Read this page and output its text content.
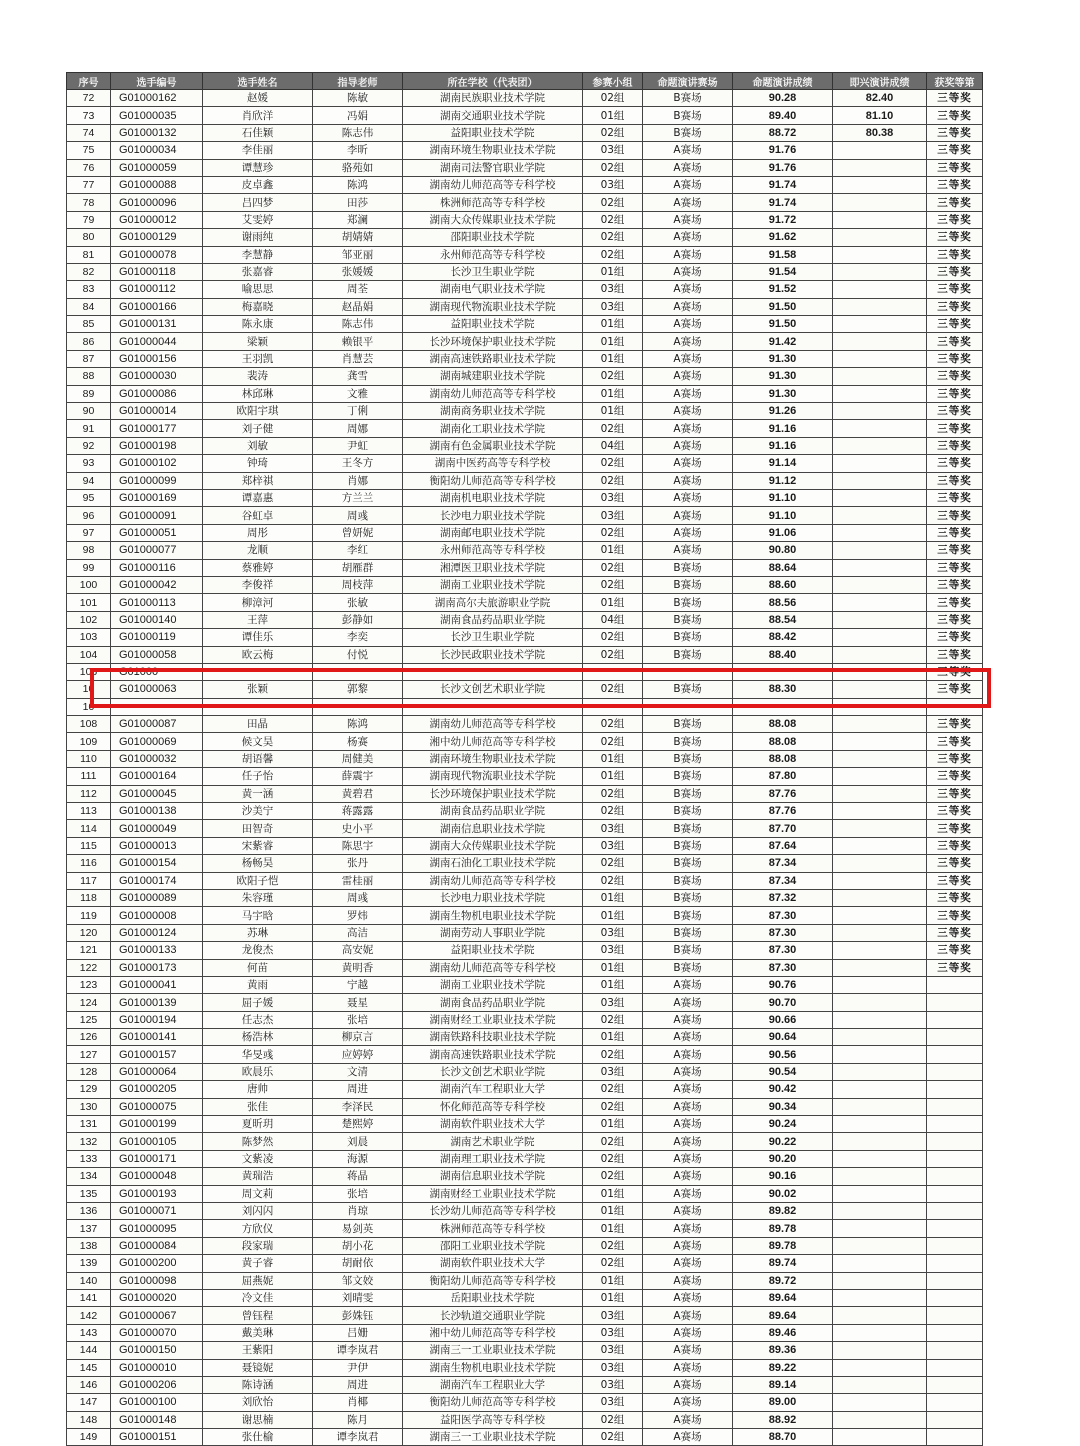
序号	选手编号	选手姓名	指导老师	所在学校（代表团）	参赛小组	命题演讲赛场	命题演讲成绩	即兴演讲成绩	获奖等第
72	G01000162	赵媛	陈敏	湖南民族职业技术学院	02组	B赛场	90.28	82.40	三等奖
73	G01000035	肖欣洋	冯娟	湖南交通职业技术学院	01组	B赛场	89.40	81.10	三等奖
74	G01000132	石佳颖	陈志伟	益阳职业技术学院	02组	B赛场	88.72	80.38	三等奖
75	G01000034	李佳丽	李昕	湖南环境生物职业技术学院	03组	A赛场	91.76		三等奖
76	G01000059	谭慧珍	骆苑如	湖南司法警官职业学院	02组	A赛场	91.76		三等奖
77	G01000088	皮卓鑫	陈鸿	湖南幼儿师范高等专科学校	03组	A赛场	91.74		三等奖
78	G01000096	吕四梦	田莎	株洲师范高等专科学校	02组	A赛场	91.74		三等奖
79	G01000012	艾雯婷	郑澜	湖南大众传媒职业技术学院	02组	A赛场	91.72		三等奖
80	G01000129	谢雨纯	胡婧婧	邵阳职业技术学院	02组	A赛场	91.62		三等奖
81	G01000078	李慧静	邹亚丽	永州师范高等专科学校	02组	A赛场	91.58		三等奖
82	G01000118	张嘉睿	张媛媛	长沙卫生职业学院	01组	A赛场	91.54		三等奖
83	G01000112	喻思思	周荃	湖南电气职业技术学院	03组	A赛场	91.52		三等奖
84	G01000166	梅嘉晓	赵晶娟	湖南现代物流职业技术学院	03组	A赛场	91.50		三等奖
85	G01000131	陈永康	陈志伟	益阳职业技术学院	01组	A赛场	91.50		三等奖
86	G01000044	梁颖	赖银平	长沙环境保护职业技术学院	01组	A赛场	91.42		三等奖
87	G01000156	王羽凯	肖慧芸	湖南高速铁路职业技术学院	01组	A赛场	91.30		三等奖
88	G01000030	裴涛	龚雪	湖南城建职业技术学院	02组	A赛场	91.30		三等奖
89	G01000086	林邱琳	文雅	湖南幼儿师范高等专科学校	01组	A赛场	91.30		三等奖
90	G01000014	欧阳宇琪	丁俐	湖南商务职业技术学院	01组	A赛场	91.26		三等奖
91	G01000177	刘子健	周娜	湖南化工职业技术学院	02组	A赛场	91.16		三等奖
92	G01000198	刘敏	尹虹	湖南有色金属职业技术学院	04组	A赛场	91.16		三等奖
93	G01000102	钟琦	王冬方	湖南中医药高等专科学校	02组	A赛场	91.14		三等奖
94	G01000099	郑梓祺	肖娜	衡阳幼儿师范高等专科学校	02组	A赛场	91.12		三等奖
95	G01000169	谭嘉惠	方兰兰	湖南机电职业技术学院	03组	A赛场	91.10		三等奖
96	G01000091	谷虹卓	周彧	长沙电力职业技术学院	03组	A赛场	91.10		三等奖
97	G01000051	周彤	曾妍妮	湖南邮电职业技术学院	02组	A赛场	91.06		三等奖
98	G01000077	龙顺	李红	永州师范高等专科学校	01组	A赛场	90.80		三等奖
99	G01000116	蔡雅婷	胡雁群	湘潭医卫职业技术学院	02组	B赛场	88.64		三等奖
100	G01000042	李俊祥	周枝萍	湖南工业职业技术学院	02组	B赛场	88.60		三等奖
101	G01000113	柳漳河	张敏	湖南高尔夫旅游职业学院	01组	B赛场	88.56		三等奖
102	G01000140	王萍	彭静如	湖南食品药品职业学院	04组	B赛场	88.54		三等奖
103	G01000119	谭佳乐	李奕	长沙卫生职业学院	02组	B赛场	88.42		三等奖
104	G01000058	欧云梅	付悦	长沙民政职业技术学院	02组	B赛场	88.40		三等奖
105	G01000								三等奖
10	G01000063	张颖	郭黎	长沙文创艺术职业学院	02组	B赛场	88.30		三等奖
10									
108	G01000087	田晶	陈鸿	湖南幼儿师范高等专科学校	02组	B赛场	88.08		三等奖
109	G01000069	候文昊	杨赛	湘中幼儿师范高等专科学校	02组	B赛场	88.08		三等奖
110	G01000032	胡语馨	周健美	湖南环境生物职业技术学院	01组	B赛场	88.08		三等奖
111	G01000164	任子怡	薛震宇	湖南现代物流职业技术学院	01组	B赛场	87.80		三等奖
112	G01000045	黄一涵	黄碧君	长沙环境保护职业技术学院	02组	B赛场	87.76		三等奖
113	G01000138	沙美宁	蒋露露	湖南食品药品职业学院	02组	B赛场	87.76		三等奖
114	G01000049	田智奇	史小平	湖南信息职业技术学院	03组	B赛场	87.70		三等奖
115	G01000013	宋紫睿	陈思宇	湖南大众传媒职业技术学院	03组	B赛场	87.64		三等奖
116	G01000154	杨畅昊	张丹	湖南石油化工职业技术学院	02组	B赛场	87.34		三等奖
117	G01000174	欧阳子恺	雷桂丽	湖南幼儿师范高等专科学校	02组	B赛场	87.34		三等奖
118	G01000089	朱容瑾	周彧	长沙电力职业技术学院	01组	B赛场	87.32		三等奖
119	G01000008	马宇晗	罗炜	湖南生物机电职业技术学院	01组	B赛场	87.30		三等奖
120	G01000124	苏琳	高洁	湖南劳动人事职业学院	03组	B赛场	87.30		三等奖
121	G01000133	龙俊杰	高安妮	益阳职业技术学院	03组	B赛场	87.30		三等奖
122	G01000173	何苗	黄明香	湖南幼儿师范高等专科学校	01组	B赛场	87.30		三等奖
123	G01000041	黄雨	宁越	湖南工业职业技术学院	01组	A赛场	90.76		
124	G01000139	屈子媛	聂星	湖南食品药品职业学院	03组	A赛场	90.70		
125	G01000194	任志杰	张培	湖南财经工业职业技术学院	02组	A赛场	90.66		
126	G01000141	杨浩林	柳京言	湖南铁路科技职业技术学院	01组	A赛场	90.64		
127	G01000157	华旻彧	应婷婷	湖南高速铁路职业技术学院	02组	A赛场	90.56		
128	G01000064	欧晨乐	文清	长沙文创艺术职业学院	03组	A赛场	90.54		
129	G01000205	唐帅	周进	湖南汽车工程职业大学	02组	A赛场	90.42		
130	G01000075	张佳	李泽民	怀化师范高等专科学校	02组	A赛场	90.34		
131	G01000199	夏昕玥	楚熙婷	湖南软件职业技术大学	01组	A赛场	90.24		
132	G01000105	陈梦然	刘晨	湖南艺术职业学院	02组	A赛场	90.22		
133	G01000171	文紫凌	海源	湖南理工职业技术学院	02组	A赛场	90.20		
134	G01000048	黄瑞浩	蒋晶	湖南信息职业技术学院	02组	A赛场	90.16		
135	G01000193	周文莉	张培	湖南财经工业职业技术学院	01组	A赛场	90.02		
136	G01000071	刘闪闪	肖琼	长沙幼儿师范高等专科学校	01组	A赛场	89.82		
137	G01000095	方欣仪	易剑英	株洲师范高等专科学校	01组	A赛场	89.78		
138	G01000084	段家瑞	胡小花	邵阳工业职业技术学院	02组	A赛场	89.78		
139	G01000200	黄子睿	胡耐依	湖南软件职业技术大学	02组	A赛场	89.74		
140	G01000098	屈燕妮	邹文姣	衡阳幼儿师范高等专科学校	01组	A赛场	89.72		
141	G01000020	冷文佳	刘晴雯	岳阳职业技术学院	01组	A赛场	89.64		
142	G01000067	曾钰程	彭姝钰	长沙轨道交通职业学院	03组	A赛场	89.64		
143	G01000070	戴美琳	吕姗	湘中幼儿师范高等专科学校	03组	A赛场	89.46		
144	G01000150	王紫阳	谭李岚君	湖南三一工业职业技术学院	03组	A赛场	89.36		
145	G01000010	聂镜妮	尹伊	湖南生物机电职业技术学院	03组	A赛场	89.22		
146	G01000206	陈诗涵	周进	湖南汽车工程职业大学	03组	A赛场	89.14		
147	G01000100	刘欣怡	肖椰	衡阳幼儿师范高等专科学校	03组	A赛场	89.00		
148	G01000148	谢思楠	陈月	益阳医学高等专科学校	02组	A赛场	88.92		
149	G01000151	张仕榆	谭李岚君	湖南三一工业职业技术学院	02组	A赛场	88.70		
